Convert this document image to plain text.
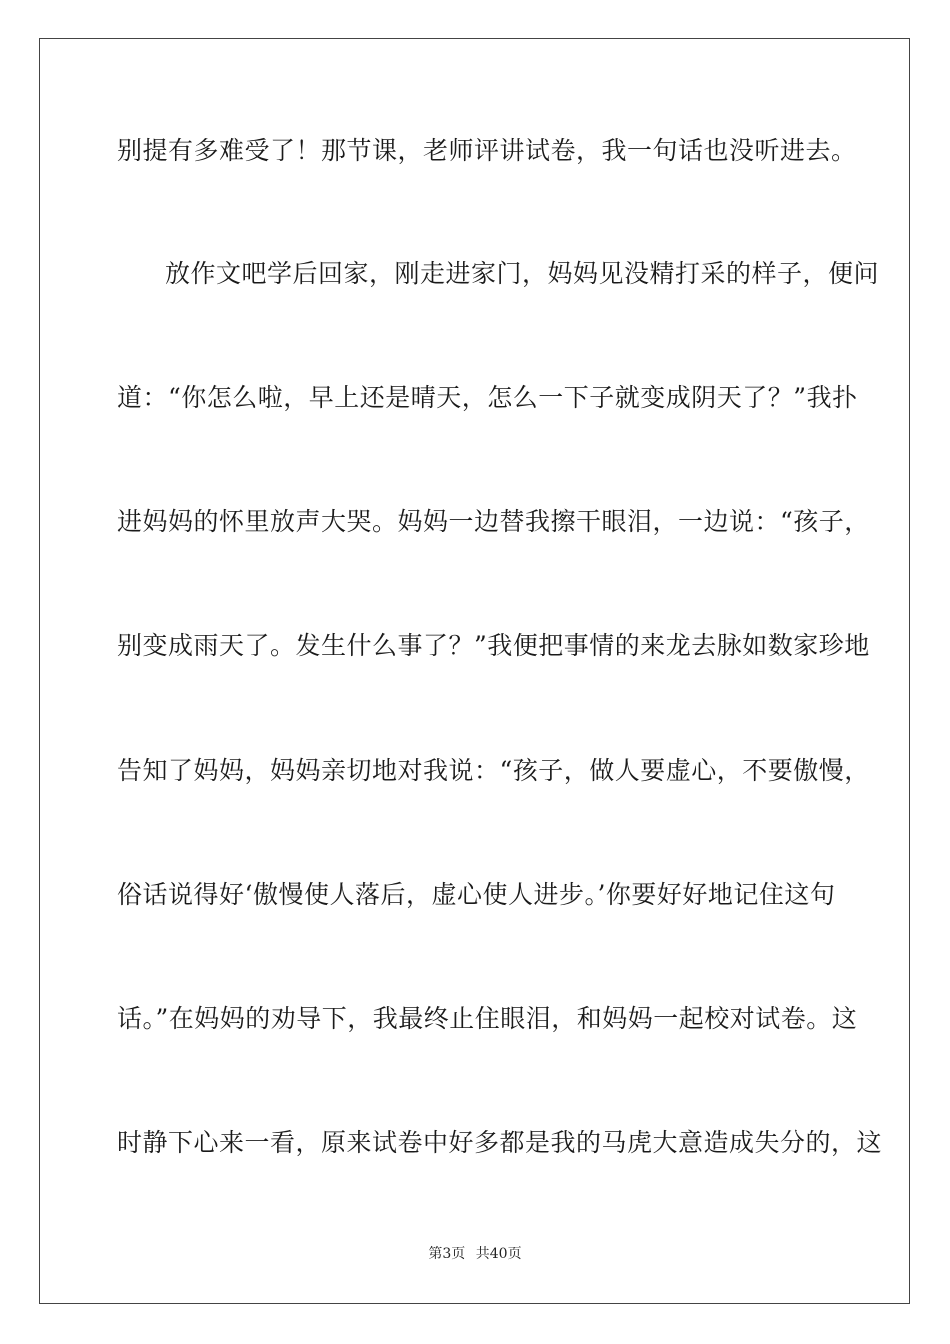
别提有多难受了！那节课，老师评讲试卷，我一句话也没听进去。
放作文吧学后回家，刚走进家门，妈妈见没精打采的样子，便问
道：“你怎么啦，早上还是晴天，怎么一下子就变成阴天了？”我扑
进妈妈的怀里放声大哭。妈妈一边替我擦干眼泪，一边说：“孩子，
别变成雨天了。发生什么事了？”我便把事情的来龙去脉如数家珍地
告知了妈妈，妈妈亲切地对我说：“孩子，做人要虚心，不要傲慢，
俗话说得好‘傲慢使人落后，虚心使人进步。’你要好好地记住这句
话。”在妈妈的劝导下，我最终止住眼泪，和妈妈一起校对试卷。这
时静下心来一看，原来试卷中好多都是我的马虎大意造成失分的，这
第3页 共40页
